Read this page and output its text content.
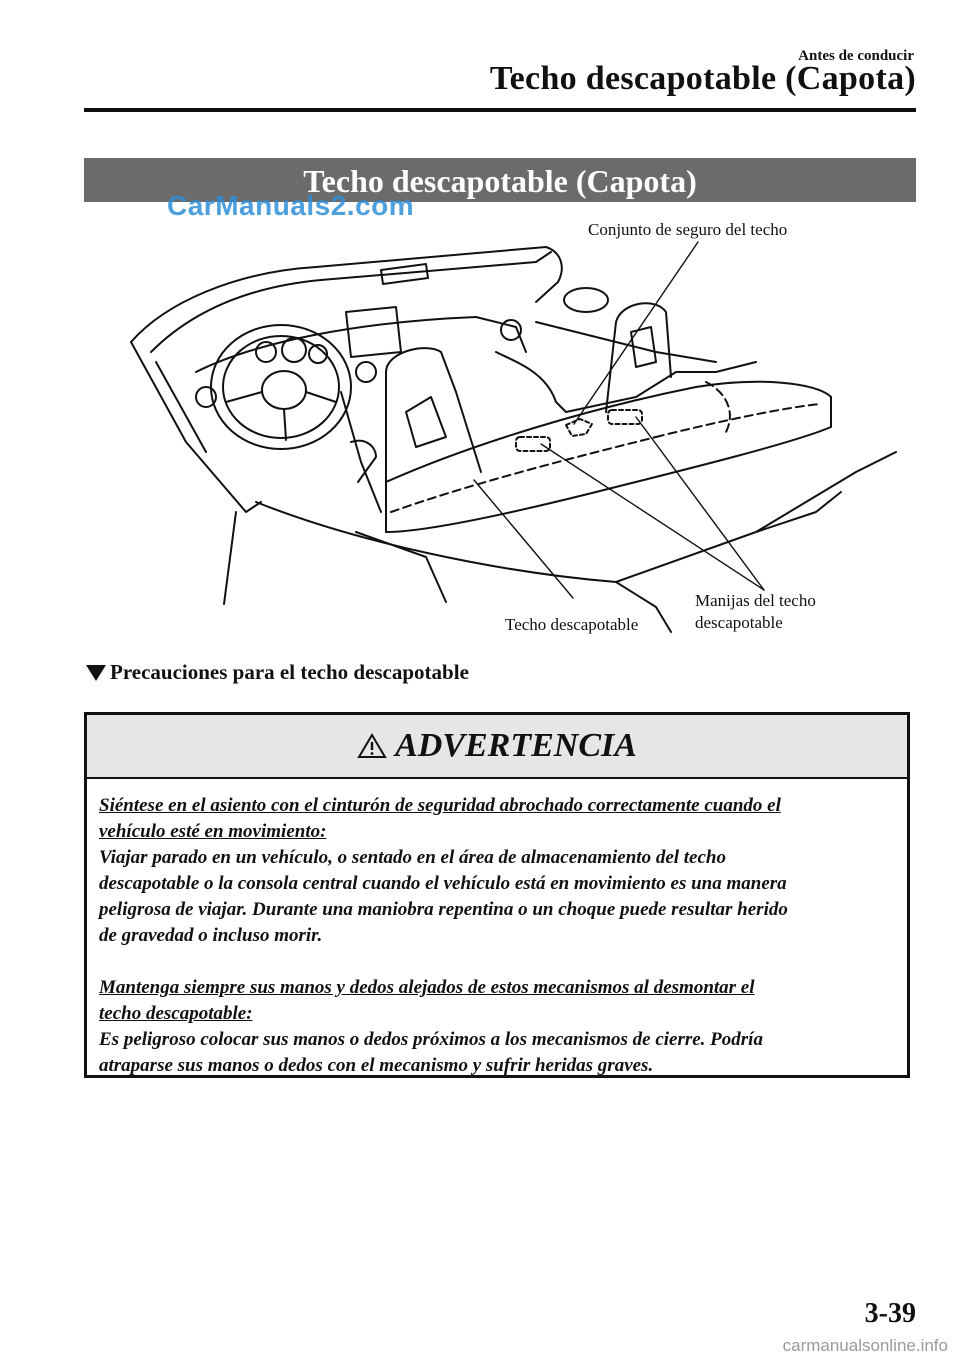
Antes de conducir
Techo descapotable (Capota)
Techo descapotable (Capota)
CarManuals2.com
Conjunto de seguro del techo
Manijas del techo
descapotable
Techo descapotable
Precauciones para el techo descapotable
ADVERTENCIA
Siéntese en el asiento con el cinturón de seguridad abrochado correctamente cuando el
vehículo esté en movimiento:
Viajar parado en un vehículo, o sentado en el área de almacenamiento del techo
descapotable o la consola central cuando el vehículo está en movimiento es una manera
peligrosa de viajar. Durante una maniobra repentina o un choque puede resultar herido
de gravedad o incluso morir.
Mantenga siempre sus manos y dedos alejados de estos mecanismos al desmontar el
techo descapotable:
Es peligroso colocar sus manos o dedos próximos a los mecanismos de cierre. Podría
atraparse sus manos o dedos con el mecanismo y sufrir heridas graves.
3-39
carmanualsonline.info
